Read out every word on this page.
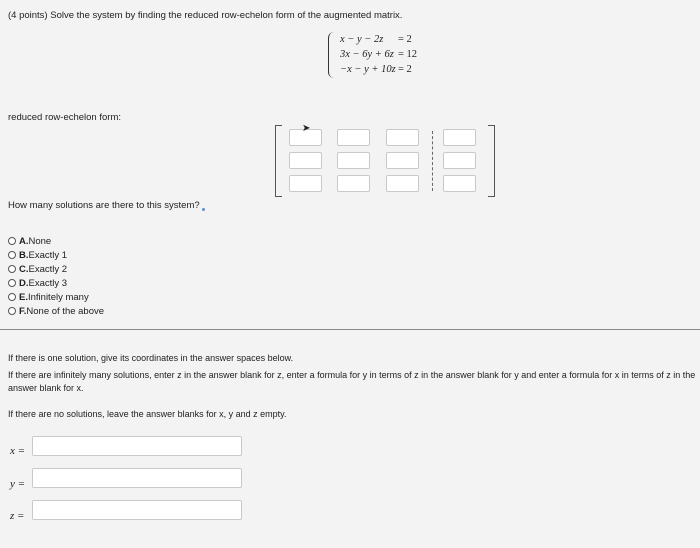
(4 points) Solve the system by finding the reduced row-echelon form of the augmented matrix.
x − y − 2z = 2
3x − 6y + 6z = 12
−x − y + 10z = 2
reduced row-echelon form:
➤
How many solutions are there to this system?
A. None
B. Exactly 1
C. Exactly 2
D. Exactly 3
E. Infinitely many
F. None of the above
If there is one solution, give its coordinates in the answer spaces below.
If there are infinitely many solutions, enter z in the answer blank for z, enter a formula for y in terms of z in the answer blank for y and enter a formula for x in terms of z in the answer blank for x.
If there are no solutions, leave the answer blanks for x, y and z empty.
x =
y =
z =
